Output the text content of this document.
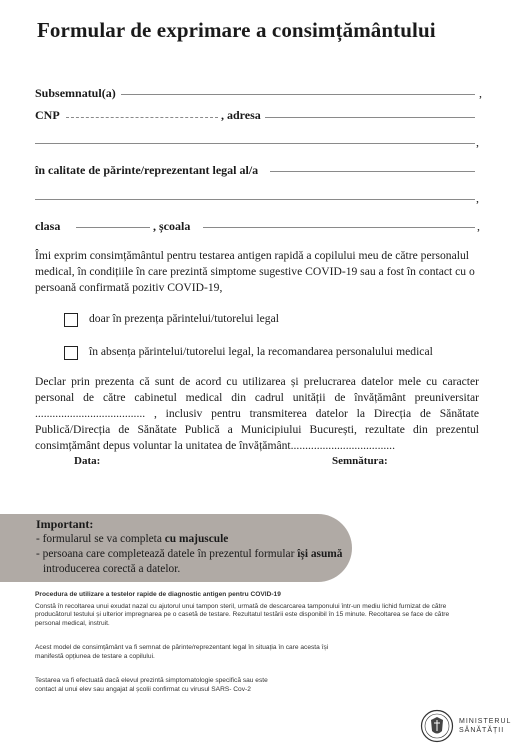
Formular de exprimare a consimțământului
Subsemnatul(a)	,
CNP	, adresa
,
în calitate de părinte/reprezentant legal al/a
,
clasa	, școala	,
Îmi exprim consimțământul pentru testarea antigen rapidă a copilului meu de către personalul medical, în condițiile în care prezintă simptome sugestive COVID-19 sau a fost în contact cu o persoană confirmată pozitiv COVID-19,
doar în prezența părintelui/tutorelui legal
în absența părintelui/tutorelui legal, la recomandarea personalului medical
Declar prin prezenta că sunt de acord cu utilizarea și prelucrarea datelor mele cu caracter personal de către cabinetul medical din cadrul unității de învățământ preuniversitar ...................................... , inclusiv pentru transmiterea datelor la Direcția de Sănătate Publică/Direcția de Sănătate Publică a Municipiului București, rezultate din prezentul consimțământ depus voluntar la unitatea de învățământ....................................
Data:	Semnătura:
Important:
- formularul se va completa cu majuscule
- persoana care completează datele în prezentul formular își asumă
introducerea corectă a datelor.
Procedura de utilizare a testelor rapide de diagnostic antigen pentru COVID-19
Constă în recoltarea unui exudat nazal cu ajutorul unui tampon steril, urmată de descarcarea tamponului într-un mediu lichid furnizat de către producătorul testului și ulterior impregnarea pe o casetă de testare. Rezultatul testării este disponibil în 15 minute. Recoltarea se face de către personal medical, instruit.
Acest model de consimțământ va fi semnat de părinte/reprezentant legal în situația în care acesta își manifestă opțiunea de testare a copilului.
Testarea va fi efectuată dacă elevul prezintă simptomatologie specifică sau este contact al unui elev sau angajat al școlii confirmat cu virusul SARS- Cov-2
MINISTERUL
SĂNĂTĂȚII
